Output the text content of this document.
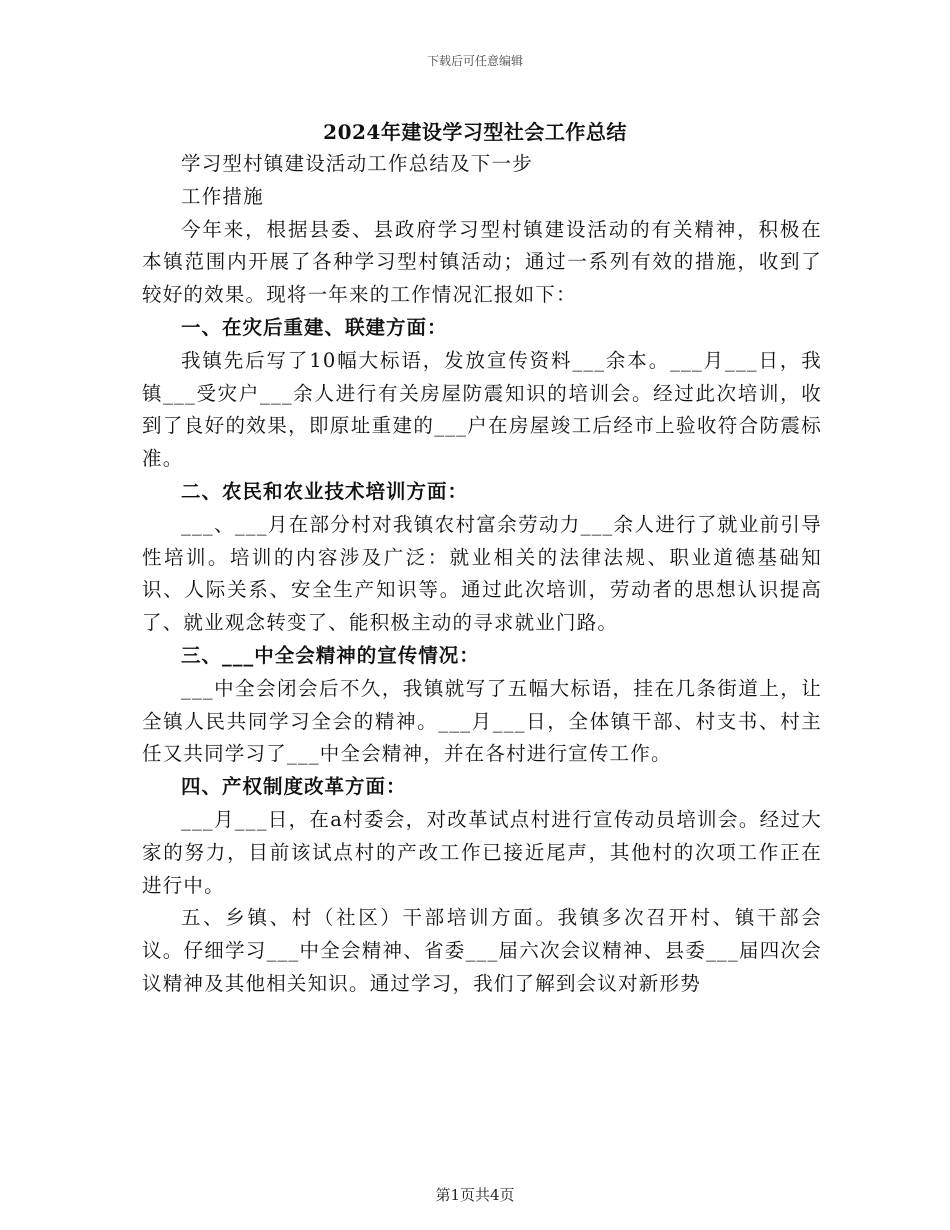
下载后可任意编辑
2024年建设学习型社会工作总结

学习型村镇建设活动工作总结及下一步

工作措施

今年来，根据县委、县政府学习型村镇建设活动的有关精神，积极在本镇范围内开展了各种学习型村镇活动；通过一系列有效的措施，收到了较好的效果。现将一年来的工作情况汇报如下：

一、在灾后重建、联建方面：

我镇先后写了10幅大标语，发放宣传资料___余本。___月___日，我镇___受灾户___余人进行有关房屋防震知识的培训会。经过此次培训，收到了良好的效果，即原址重建的___户在房屋竣工后经市上验收符合防震标准。

二、农民和农业技术培训方面：

___、___月在部分村对我镇农村富余劳动力___余人进行了就业前引导性培训。培训的内容涉及广泛：就业相关的法律法规、职业道德基础知识、人际关系、安全生产知识等。通过此次培训，劳动者的思想认识提高了、就业观念转变了、能积极主动的寻求就业门路。

三、___中全会精神的宣传情况：

___中全会闭会后不久，我镇就写了五幅大标语，挂在几条街道上，让全镇人民共同学习全会的精神。___月___日，全体镇干部、村支书、村主任又共同学习了___中全会精神，并在各村进行宣传工作。

四、产权制度改革方面：

___月___日，在a村委会，对改革试点村进行宣传动员培训会。经过大家的努力，目前该试点村的产改工作已接近尾声，其他村的次项工作正在进行中。

五、乡镇、村（社区）干部培训方面。我镇多次召开村、镇干部会议。仔细学习___中全会精神、省委___届六次会议精神、县委___届四次会议精神及其他相关知识。通过学习，我们了解到会议对新形势

第1页共4页
